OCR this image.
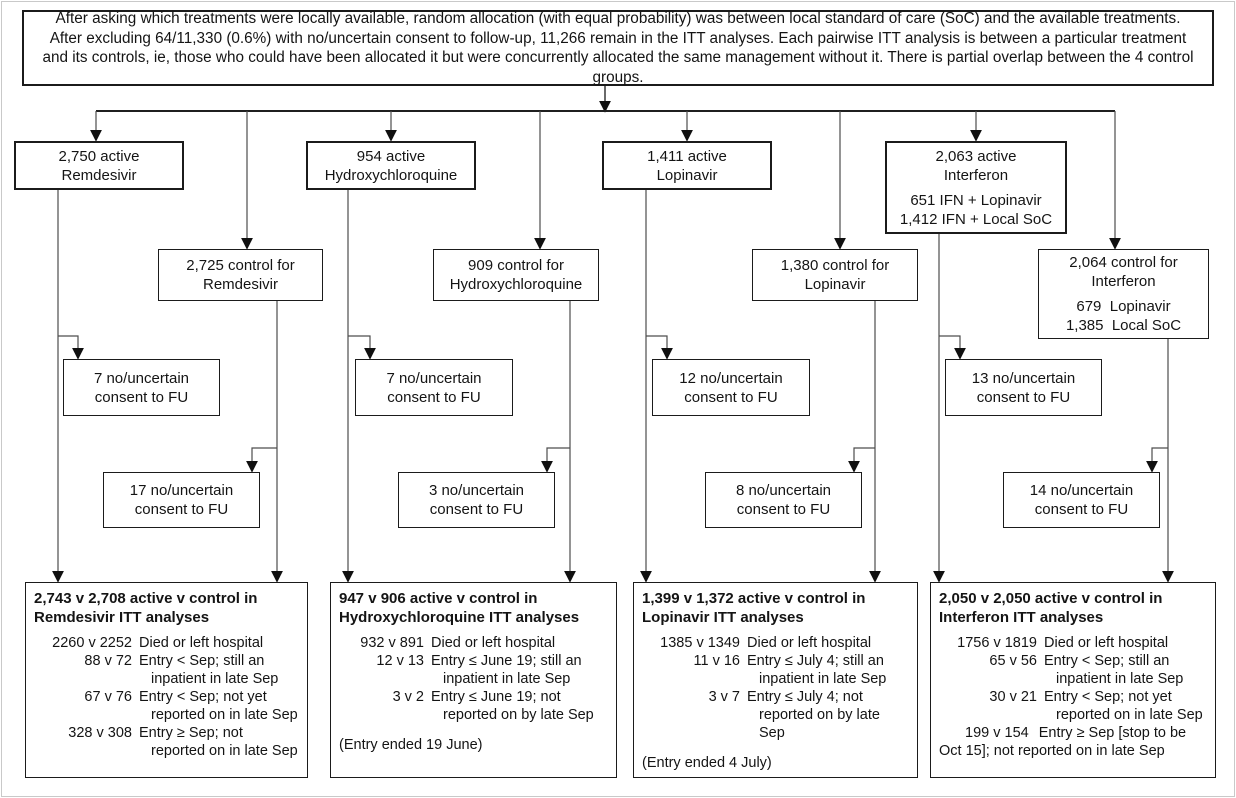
After asking which treatments were locally available, random allocation (with equal probability) was between local standard of care (SoC) and the available treatments. After excluding 64/11,330 (0.6%) with no/uncertain consent to follow-up, 11,266 remain in the ITT analyses. Each pairwise ITT analysis is between a particular treatment and its controls, ie, those who could have been allocated it but were concurrently allocated the same management without it. There is partial overlap between the 4 control groups.
2,750 active
Remdesivir
954 active
Hydroxychloroquine
1,411 active
Lopinavir
2,063 active
Interferon
651 IFN + Lopinavir
1,412 IFN + Local SoC
2,725 control for
Remdesivir
909 control for
Hydroxychloroquine
1,380 control for
Lopinavir
2,064 control for
Interferon
679  Lopinavir
1,385  Local SoC
7 no/uncertain
consent to FU
7 no/uncertain
consent to FU
12 no/uncertain
consent to FU
13 no/uncertain
consent to FU
17 no/uncertain
consent to FU
3 no/uncertain
consent to FU
8 no/uncertain
consent to FU
14 no/uncertain
consent to FU
2,743 v 2,708 active v control in
Remdesivir ITT analyses
2260 v 2252 Died or left hospital
88 v 72 Entry < Sep; still an inpatient in late Sep
67 v 76 Entry < Sep; not yet reported on in late Sep
328 v 308 Entry ≥ Sep; not reported on in late Sep
947 v 906 active v control in
Hydroxychloroquine ITT analyses
932 v 891 Died or left hospital
12 v 13 Entry ≤ June 19; still an inpatient in late Sep
3 v 2 Entry ≤ June 19; not reported on by late Sep
(Entry ended 19 June)
1,399 v 1,372 active v control in
Lopinavir ITT analyses
1385 v 1349 Died or left hospital
11 v 16 Entry ≤ July 4; still an inpatient in late Sep
3 v 7 Entry ≤ July 4; not reported on by late Sep
(Entry ended 4 July)
2,050 v 2,050 active v control in
Interferon ITT analyses
1756 v 1819 Died or left hospital
65 v 56 Entry < Sep; still an inpatient in late Sep
30 v 21 Entry < Sep; not yet reported on in late Sep
199 v 154 Entry ≥ Sep [stop to be Oct 15]; not reported on in late Sep
